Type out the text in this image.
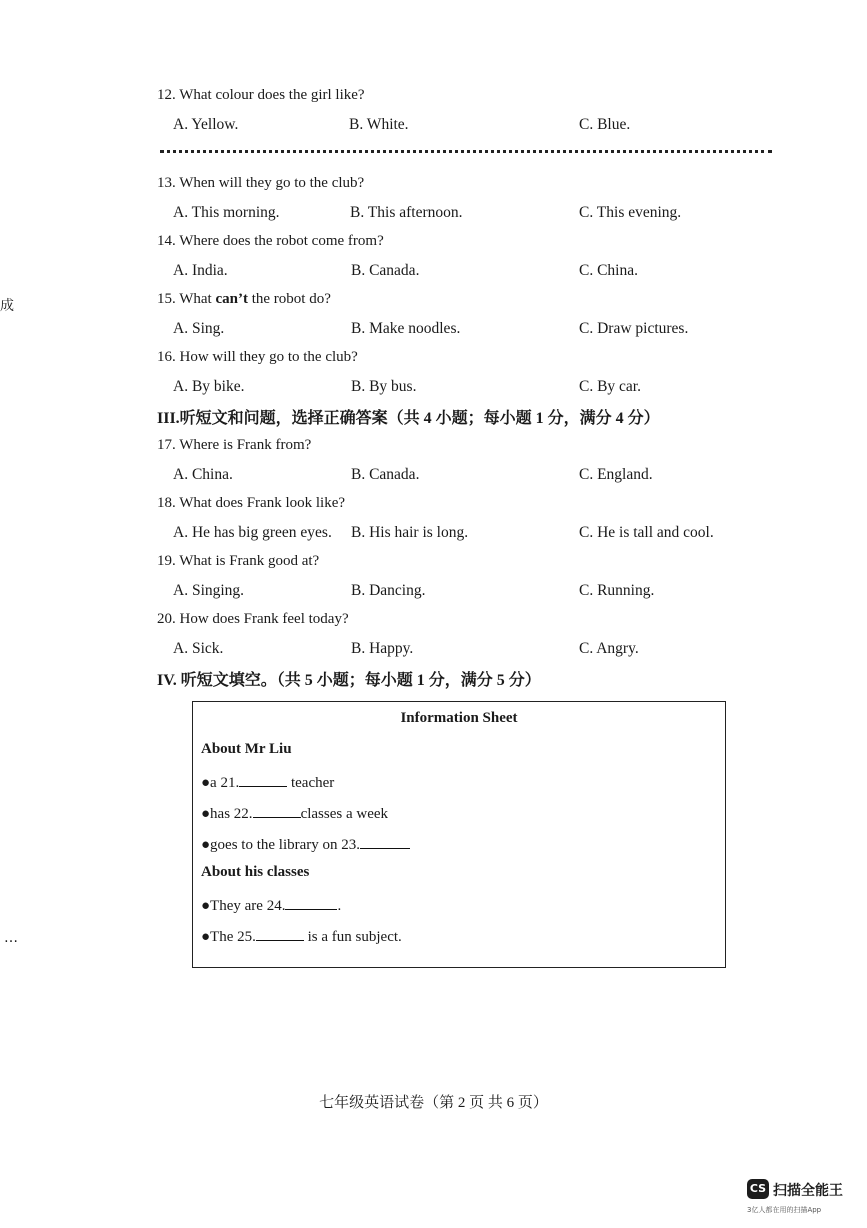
成
…
12. What colour does the girl like?
A. Yellow.	B. White.	C. Blue.
13. When will they go to the club?
A. This morning.	B. This afternoon.	C. This evening.
14. Where does the robot come from?
A. India.	B. Canada.	C. China.
15. What can’t the robot do?
A. Sing.	B. Make noodles.	C. Draw pictures.
16. How will they go to the club?
A. By bike.	B. By bus.	C. By car.
III.听短文和问题，选择正确答案（共 4 小题；每小题 1 分，满分 4 分）
17. Where is Frank from?
A. China.	B. Canada.	C. England.
18. What does Frank look like?
A. He has big green eyes. B. His hair is long.	C. He is tall and cool.
19. What is Frank good at?
A. Singing.	B. Dancing.	C. Running.
20. How does Frank feel today?
A. Sick.	B. Happy.	C. Angry.
IV. 听短文填空。（共 5 小题；每小题 1 分，满分 5 分）
Information Sheet
About Mr Liu
●a 21.	teacher
●has 22.	classes a week
●goes to the library on 23.
About his classes
●They are 24.	.
●The 25.	is a fun subject.
七年级英语试卷（第 2 页 共 6 页）
CS 扫描全能王
3亿人都在用的扫描App
